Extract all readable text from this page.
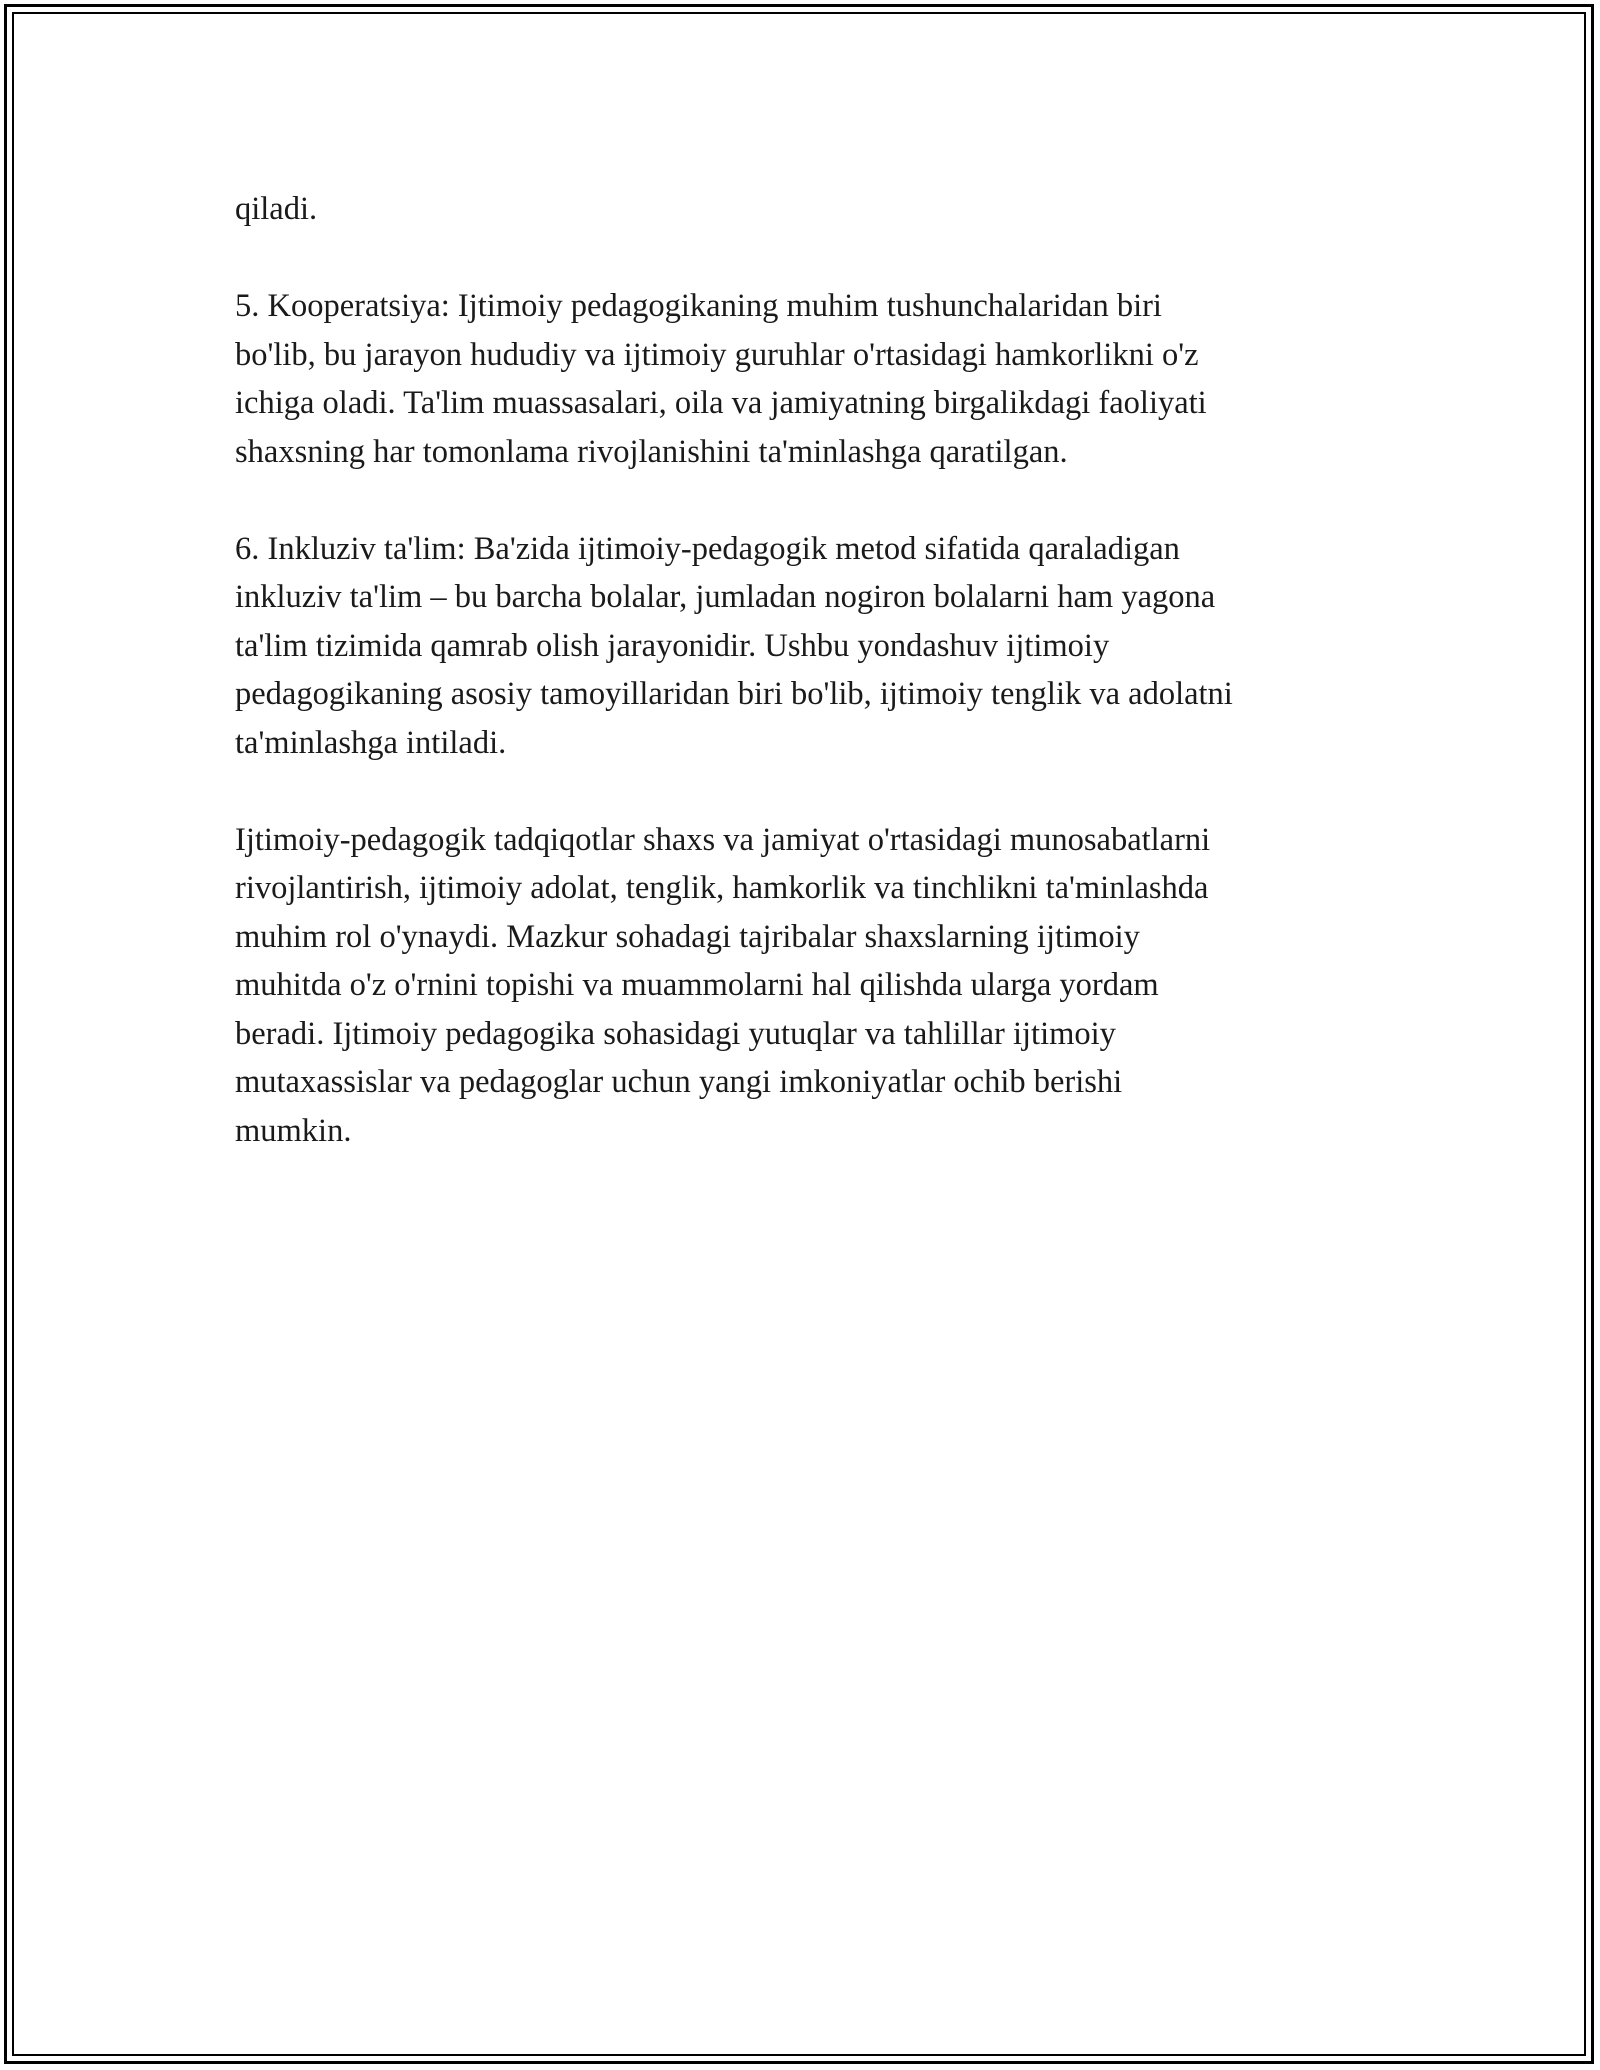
qiladi.

5. Kooperatsiya: Ijtimoiy pedagogikaning muhim tushunchalaridan biri
bo'lib, bu jarayon hududiy va ijtimoiy guruhlar o'rtasidagi hamkorlikni o'z
ichiga oladi. Ta'lim muassasalari, oila va jamiyatning birgalikdagi faoliyati
shaxsning har tomonlama rivojlanishini ta'minlashga qaratilgan.

6. Inkluziv ta'lim: Ba'zida ijtimoiy-pedagogik metod sifatida qaraladigan
inkluziv ta'lim – bu barcha bolalar, jumladan nogiron bolalarni ham yagona
ta'lim tizimida qamrab olish jarayonidir. Ushbu yondashuv ijtimoiy
pedagogikaning asosiy tamoyillaridan biri bo'lib, ijtimoiy tenglik va adolatni
ta'minlashga intiladi.

Ijtimoiy-pedagogik tadqiqotlar shaxs va jamiyat o'rtasidagi munosabatlarni
rivojlantirish, ijtimoiy adolat, tenglik, hamkorlik va tinchlikni ta'minlashda
muhim rol o'ynaydi. Mazkur sohadagi tajribalar shaxslarning ijtimoiy
muhitda o'z o'rnini topishi va muammolarni hal qilishda ularga yordam
beradi. Ijtimoiy pedagogika sohasidagi yutuqlar va tahlillar ijtimoiy
mutaxassislar va pedagoglar uchun yangi imkoniyatlar ochib berishi
mumkin.
